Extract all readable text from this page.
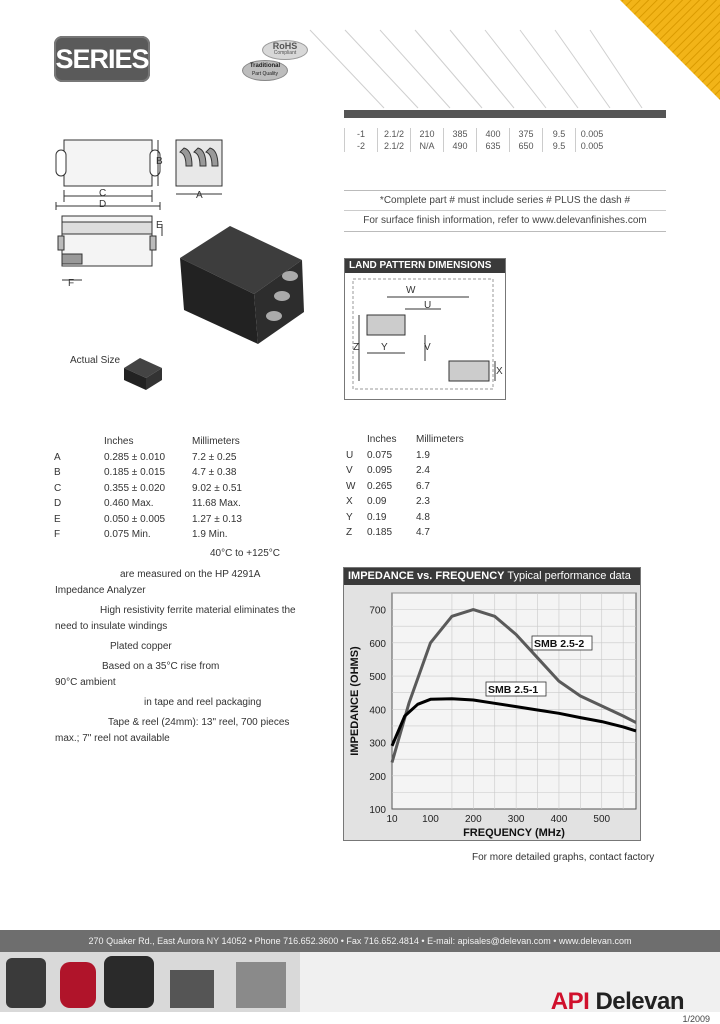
SERIES	RoHS
Compliant
Traditional
Part Quality
-1	2.1/2	210	385	400	375	9.5	0.005
-2	2.1/2	N/A	490	635	650	9.5	0.005
*Complete part # must include series # PLUS the dash #
For surface finish information, refer to www.delevanfinishes.com
C
D
B
A
E
F
Actual Size
LAND PATTERN DIMENSIONS
W
U
Z Y	V
X
Inches	Millimeters
A	0.285 ± 0.010	7.2 ± 0.25
B	0.185 ± 0.015	4.7 ± 0.38
C	0.355 ± 0.020	9.02 ± 0.51
D	0.460 Max.	11.68 Max.
E	0.050 ± 0.005	1.27 ± 0.13
F	0.075 Min.	1.9 Min.
Inches Millimeters
U 0.075 1.9
V 0.095 2.4
W 0.265 6.7
X 0.09	2.3
Y 0.19	4.8
Z 0.185 4.7
40°C to +125°C
are measured on the HP 4291A
Impedance Analyzer
High resistivity ferrite material eliminates the
need to insulate windings
Plated copper
Based on a 35°C rise from
90°C ambient
in tape and reel packaging
Tape & reel (24mm): 13" reel, 700 pieces
max.; 7" reel not available
IMPEDANCE vs. FREQUENCY Typical performance data
10 100	200	300	400	500
100
200
300
400
500
600
700
FREQUENCY (MHz)
IMPEDANCE (OHMS)
SMB 2.5-2
SMB 2.5-1
For more detailed graphs, contact factory
270 Quaker Rd., East Aurora NY 14052 • Phone 716.652.3600 • Fax 716.652.4814 • E-mail: apisales@delevan.com • www.delevan.com
API Delevan
1/2009
